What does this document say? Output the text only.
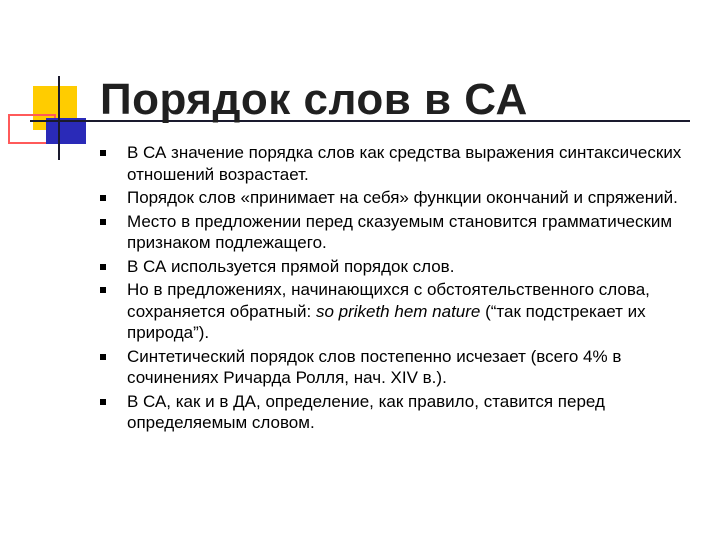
Порядок слов в СА
В СА значение порядка слов как средства выражения синтаксических отношений возрастает.
Порядок слов «принимает на себя» функции окончаний и спряжений.
Место в предложении перед сказуемым становится грамматическим признаком подлежащего.
В СА используется прямой порядок слов.
Но в предложениях, начинающихся с обстоятельственного слова, сохраняется обратный: so priketh hem nature (“так подстрекает их природа”).
Синтетический порядок слов постепенно исчезает (всего 4% в сочинениях Ричарда Ролля, нач. XIV в.).
В СА, как и в ДА, определение, как правило, ставится перед определяемым словом.
